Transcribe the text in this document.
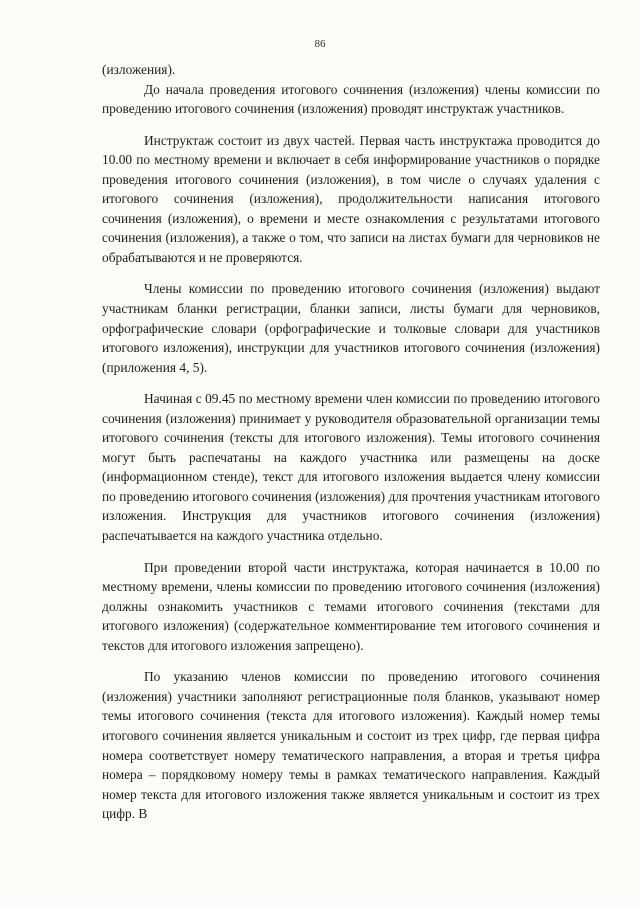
86

(изложения).

До начала проведения итогового сочинения (изложения) члены комиссии по проведению итогового сочинения (изложения) проводят инструктаж участников.

Инструктаж состоит из двух частей. Первая часть инструктажа проводится до 10.00 по местному времени и включает в себя информирование участников о порядке проведения итогового сочинения (изложения), в том числе о случаях удаления с итогового сочинения (изложения), продолжительности написания итогового сочинения (изложения), о времени и месте ознакомления с результатами итогового сочинения (изложения), а также о том, что записи на листах бумаги для черновиков не обрабатываются и не проверяются.

Члены комиссии по проведению итогового сочинения (изложения) выдают участникам бланки регистрации, бланки записи, листы бумаги для черновиков, орфографические словари (орфографические и толковые словари для участников итогового изложения), инструкции для участников итогового сочинения (изложения) (приложения 4, 5).

Начиная с 09.45 по местному времени член комиссии по проведению итогового сочинения (изложения) принимает у руководителя образовательной организации темы итогового сочинения (тексты для итогового изложения). Темы итогового сочинения могут быть распечатаны на каждого участника или размещены на доске (информационном стенде), текст для итогового изложения выдается члену комиссии по проведению итогового сочинения (изложения) для прочтения участникам итогового изложения. Инструкция для участников итогового сочинения (изложения) распечатывается на каждого участника отдельно.

При проведении второй части инструктажа, которая начинается в 10.00 по местному времени, члены комиссии по проведению итогового сочинения (изложения) должны ознакомить участников с темами итогового сочинения (текстами для итогового изложения) (содержательное комментирование тем итогового сочинения и текстов для итогового изложения запрещено).

По указанию членов комиссии по проведению итогового сочинения (изложения) участники заполняют регистрационные поля бланков, указывают номер темы итогового сочинения (текста для итогового изложения). Каждый номер темы итогового сочинения является уникальным и состоит из трех цифр, где первая цифра номера соответствует номеру тематического направления, а вторая и третья цифра номера – порядковому номеру темы в рамках тематического направления. Каждый номер текста для итогового изложения также является уникальным и состоит из трех цифр. В
